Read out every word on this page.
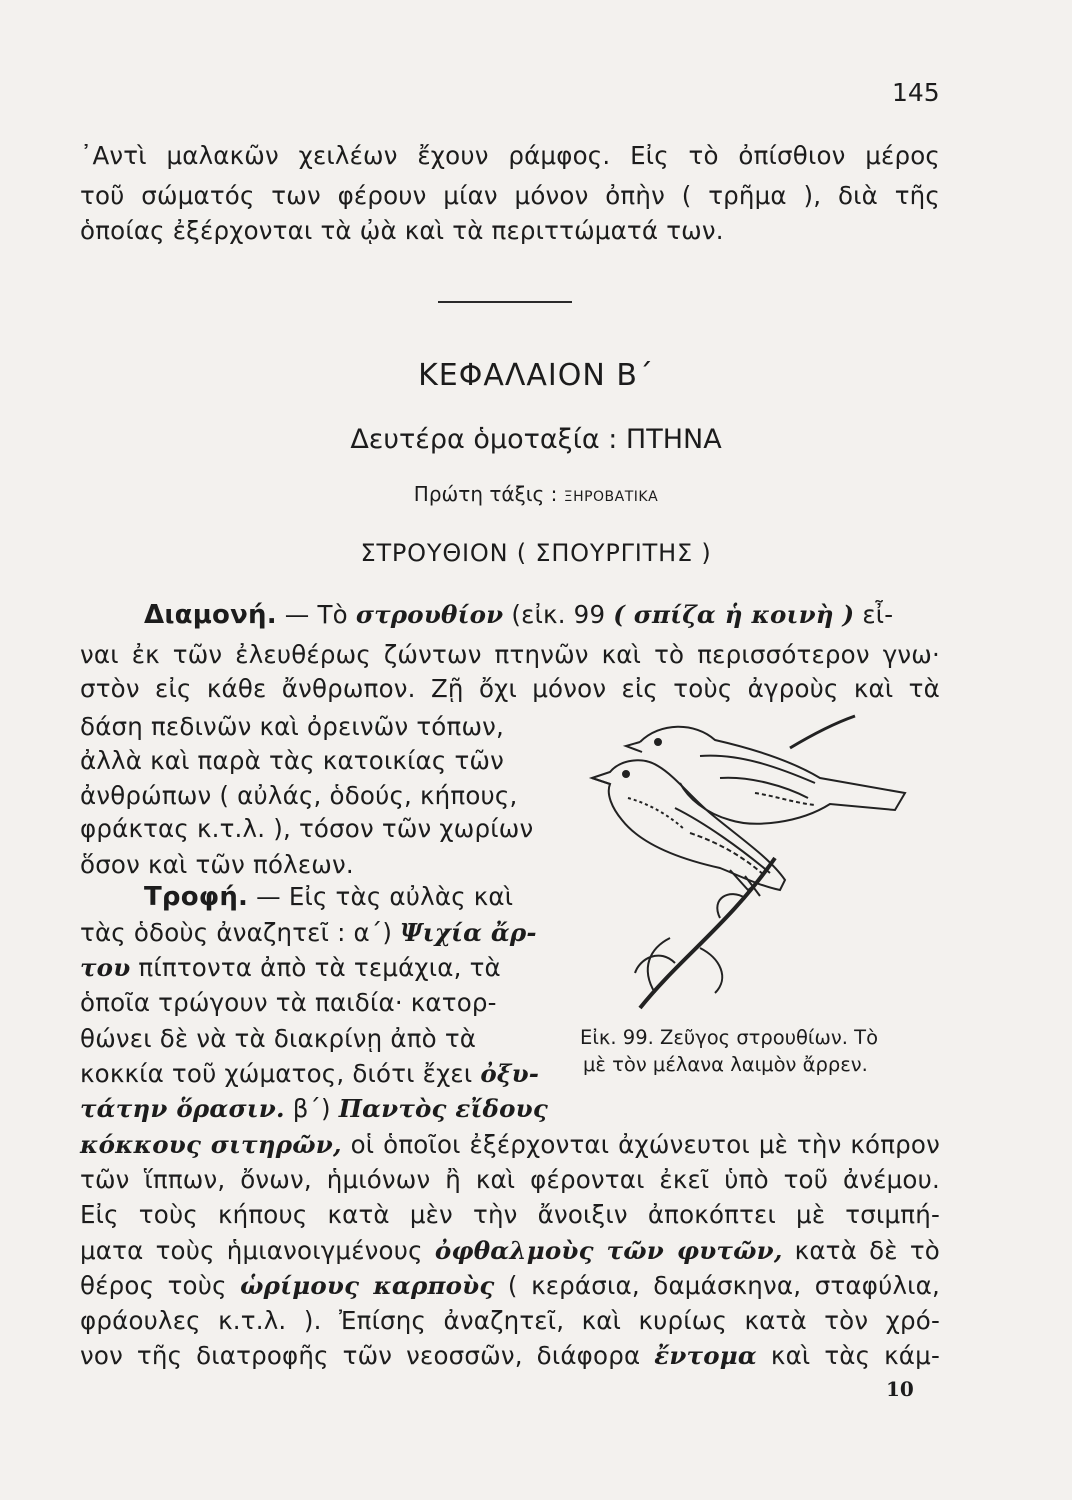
145
᾿Αντὶ μαλακῶν χειλέων ἔχουν ράμφος. Εἰς τὸ ὀπίσθιον μέρος
τοῦ σώματός των φέρουν μίαν μόνον ὀπὴν ( τρῆμα ), διὰ τῆς
ὁποίας ἐξέρχονται τὰ ᾠὰ καὶ τὰ περιττώματά των.
ΚΕΦΑΛΑΙΟΝ Β΄
Δευτέρα ὁμοταξία : ΠΤΗΝΑ
Πρώτη τάξις : ΞΗΡΟΒΑΤΙΚΑ
ΣΤΡΟΥΘΙΟΝ ( ΣΠΟΥΡΓΙΤΗΣ )
Διαμονή. — Τὸ στρουθίον (εἰκ. 99 ( σπίζα ἡ κοινὴ ) εἶ-
ναι ἐκ τῶν ἐλευθέρως ζώντων πτηνῶν καὶ τὸ περισσότερον γνω·
στὸν εἰς κάθε ἄνθρωπον. Ζῇ ὄχι μόνον εἰς τοὺς ἀγροὺς καὶ τὰ
δάση πεδινῶν καὶ ὀρεινῶν τόπων,
ἀλλὰ καὶ παρὰ τὰς κατοικίας τῶν
ἀνθρώπων ( αὐλάς, ὁδούς, κήπους,
φράκτας κ.τ.λ. ), τόσον τῶν χωρίων
ὅσον καὶ τῶν πόλεων.
Τροφή. — Εἰς τὰς αὐλὰς καὶ
τὰς ὁδοὺς ἀναζητεῖ : α΄) Ψιχία ἄρ-
του πίπτοντα ἀπὸ τὰ τεμάχια, τὰ
ὁποῖα τρώγουν τὰ παιδία· κατορ-
θώνει δὲ νὰ τὰ διακρίνῃ ἀπὸ τὰ
κοκκία τοῦ χώματος, διότι ἔχει ὀξυ-
τάτην ὅρασιν. β΄) Παντὸς εἴδους
κόκκους σιτηρῶν, οἱ ὁποῖοι ἐξέρχονται ἀχώνευτοι μὲ τὴν κόπρον
τῶν ἵππων, ὄνων, ἡμιόνων ἢ καὶ φέρονται ἐκεῖ ὑπὸ τοῦ ἀνέμου.
Εἰς τοὺς κήπους κατὰ μὲν τὴν ἄνοιξιν ἀποκόπτει μὲ τσιμπή-
ματα τοὺς ἡμιανοιγμένους ὀφθαλμοὺς τῶν φυτῶν, κατὰ δὲ τὸ
θέρος τοὺς ὡρίμους καρποὺς ( κεράσια, δαμάσκηνα, σταφύλια,
φράουλες κ.τ.λ. ). Ἐπίσης ἀναζητεῖ, καὶ κυρίως κατὰ τὸν χρό-
νον τῆς διατροφῆς τῶν νεοσσῶν, διάφορα ἔντομα καὶ τὰς κάμ-
Εἰκ. 99. Ζεῦγος στρουθίων. Τὸ
μὲ τὸν μέλανα λαιμὸν ἄρρεν.
10
